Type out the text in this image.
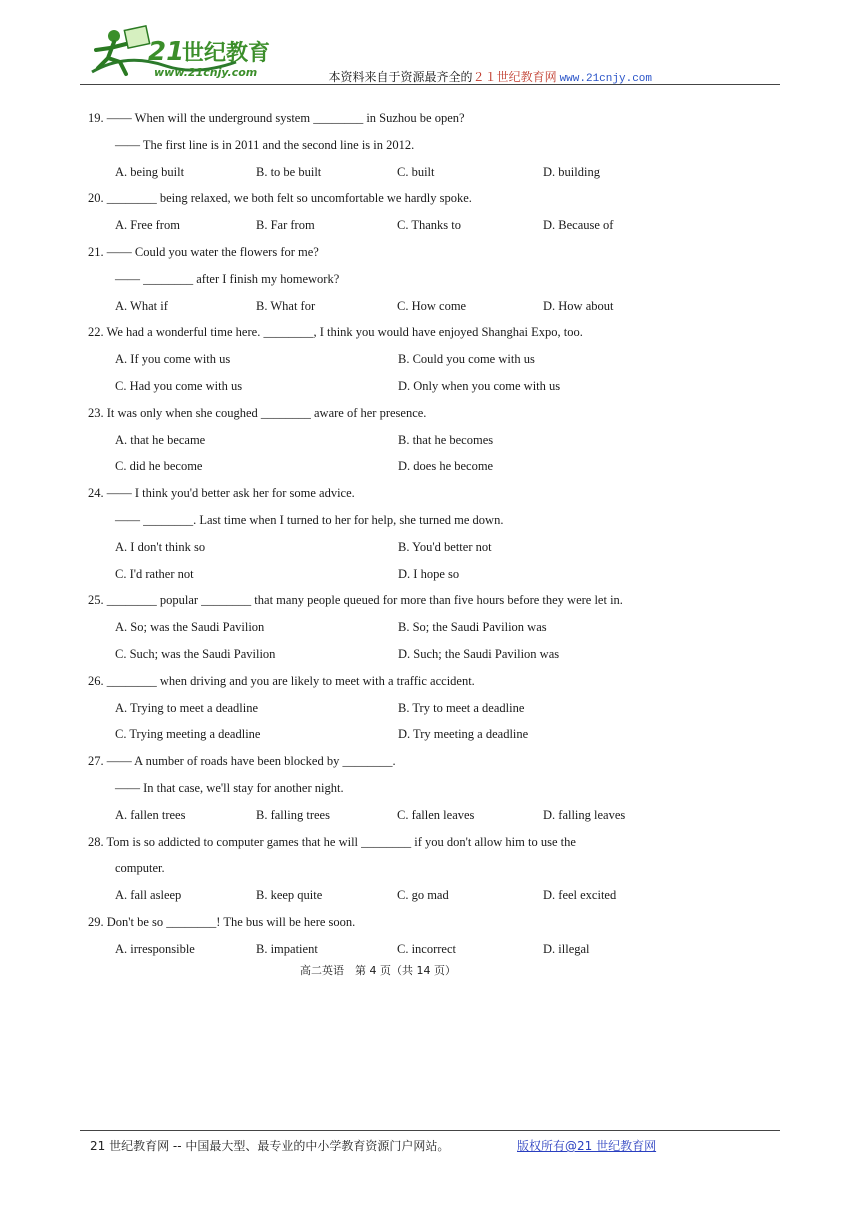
21
世纪教育
www.21cnjy.com	本资料来自于资源最齐全的２１世纪教育网 www.21cnjy.com
19. —— When will the underground system ________ in Suzhou be open?
—— The first line is in 2011 and the second line is in 2012.
A. being built	B. to be built	C. built	D. building
20. ________ being relaxed, we both felt so uncomfortable we hardly spoke.
A. Free from	B. Far from	C. Thanks to	D. Because of
21. —— Could you water the flowers for me?
—— ________ after I finish my homework?
A. What if	B. What for	C. How come	D. How about
22. We had a wonderful time here. ________, I think you would have enjoyed Shanghai Expo, too.
A. If you come with us	B. Could you come with us
C. Had you come with us	D. Only when you come with us
23. It was only when she coughed ________ aware of her presence.
A. that he became	B. that he becomes
C. did he become	D. does he become
24. —— I think you'd better ask her for some advice.
—— ________. Last time when I turned to her for help, she turned me down.
A. I don't think so	B. You'd better not
C. I'd rather not	D. I hope so
25. ________ popular ________ that many people queued for more than five hours before they were let in.
A. So; was the Saudi Pavilion	B. So; the Saudi Pavilion was
C. Such; was the Saudi Pavilion	D. Such; the Saudi Pavilion was
26. ________ when driving and you are likely to meet with a traffic accident.
A. Trying to meet a deadline	B. Try to meet a deadline
C. Trying meeting a deadline	D. Try meeting a deadline
27. —— A number of roads have been blocked by ________.
—— In that case, we'll stay for another night.
A. fallen trees	B. falling trees	C. fallen leaves	D. falling leaves
28. Tom is so addicted to computer games that he will ________ if you don't allow him to use the
computer.
A. fall asleep	B. keep quite	C. go mad	D. feel excited
29. Don't be so ________! The bus will be here soon.
A. irresponsible	B. impatient	C. incorrect	D. illegal
高二英语　第 4 页（共 14 页）
21 世纪教育网 -- 中国最大型、最专业的中小学教育资源门户网站。	版权所有@21 世纪教育网
